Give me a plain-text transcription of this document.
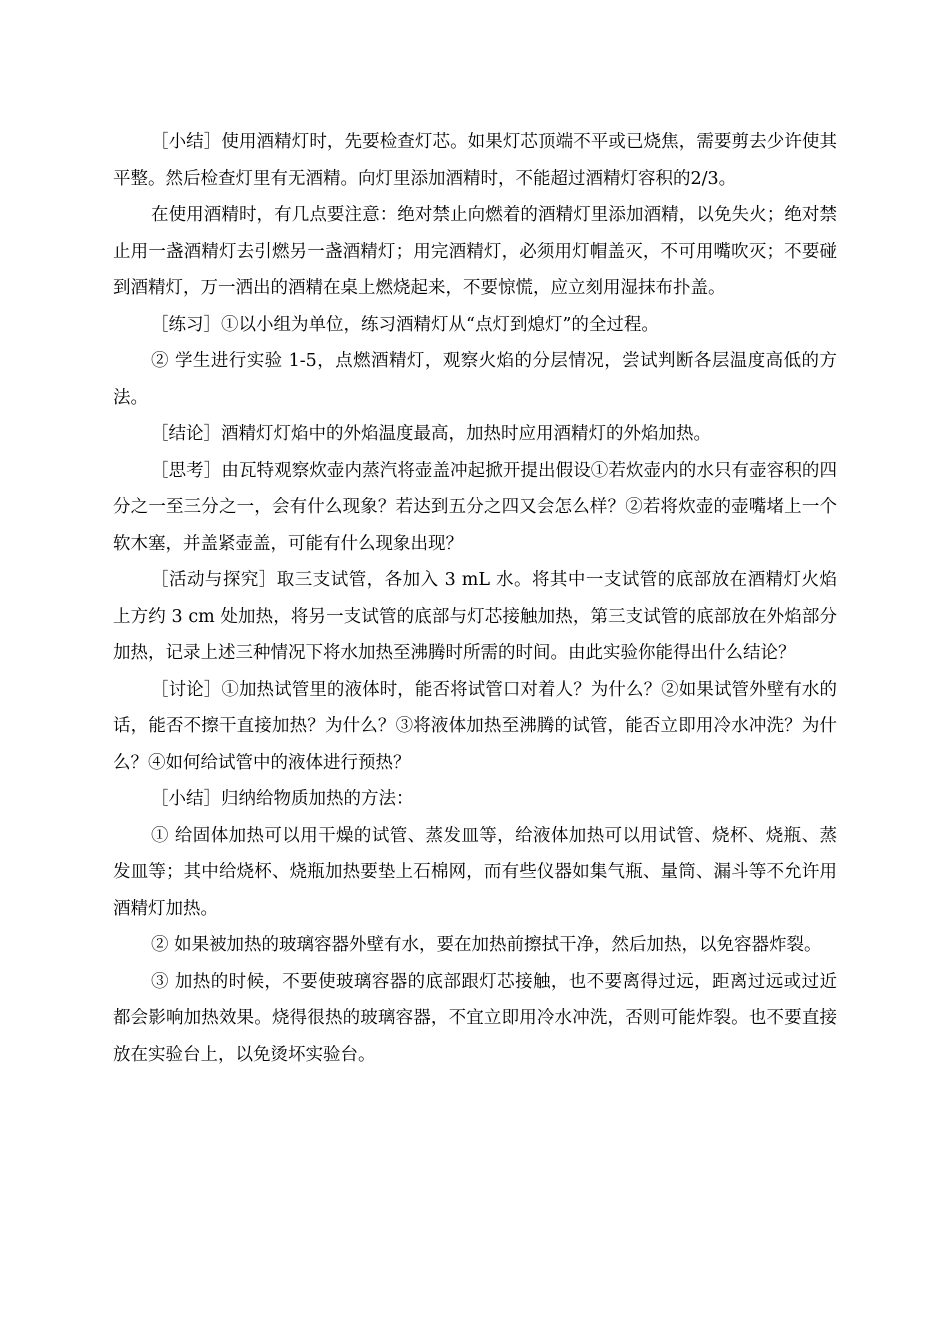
［小结］使用酒精灯时，先要检查灯芯。如果灯芯顶端不平或已烧焦，需要剪去少许使其平整。然后检查灯里有无酒精。向灯里添加酒精时，不能超过酒精灯容积的2/3。

在使用酒精时，有几点要注意：绝对禁止向燃着的酒精灯里添加酒精，以免失火；绝对禁止用一盏酒精灯去引燃另一盏酒精灯；用完酒精灯，必须用灯帽盖灭，不可用嘴吹灭；不要碰到酒精灯，万一洒出的酒精在桌上燃烧起来，不要惊慌，应立刻用湿抹布扑盖。

［练习］①以小组为单位，练习酒精灯从“点灯到熄灯”的全过程。

② 学生进行实验 1-5，点燃酒精灯，观察火焰的分层情况，尝试判断各层温度高低的方法。

［结论］酒精灯灯焰中的外焰温度最高，加热时应用酒精灯的外焰加热。

［思考］由瓦特观察炊壶内蒸汽将壶盖冲起掀开提出假设①若炊壶内的水只有壶容积的四分之一至三分之一，会有什么现象？若达到五分之四又会怎么样？②若将炊壶的壶嘴堵上一个软木塞，并盖紧壶盖，可能有什么现象出现？

［活动与探究］取三支试管，各加入 3 mL 水。将其中一支试管的底部放在酒精灯火焰上方约 3 cm 处加热，将另一支试管的底部与灯芯接触加热，第三支试管的底部放在外焰部分加热，记录上述三种情况下将水加热至沸腾时所需的时间。由此实验你能得出什么结论？

［讨论］①加热试管里的液体时，能否将试管口对着人？为什么？②如果试管外壁有水的话，能否不擦干直接加热？为什么？③将液体加热至沸腾的试管，能否立即用冷水冲洗？为什么？④如何给试管中的液体进行预热？

［小结］归纳给物质加热的方法：

① 给固体加热可以用干燥的试管、蒸发皿等，给液体加热可以用试管、烧杯、烧瓶、蒸发皿等；其中给烧杯、烧瓶加热要垫上石棉网，而有些仪器如集气瓶、量筒、漏斗等不允许用酒精灯加热。

② 如果被加热的玻璃容器外壁有水，要在加热前擦拭干净，然后加热，以免容器炸裂。

③ 加热的时候，不要使玻璃容器的底部跟灯芯接触，也不要离得过远，距离过远或过近都会影响加热效果。烧得很热的玻璃容器，不宜立即用冷水冲洗，否则可能炸裂。也不要直接放在实验台上，以免烫坏实验台。
